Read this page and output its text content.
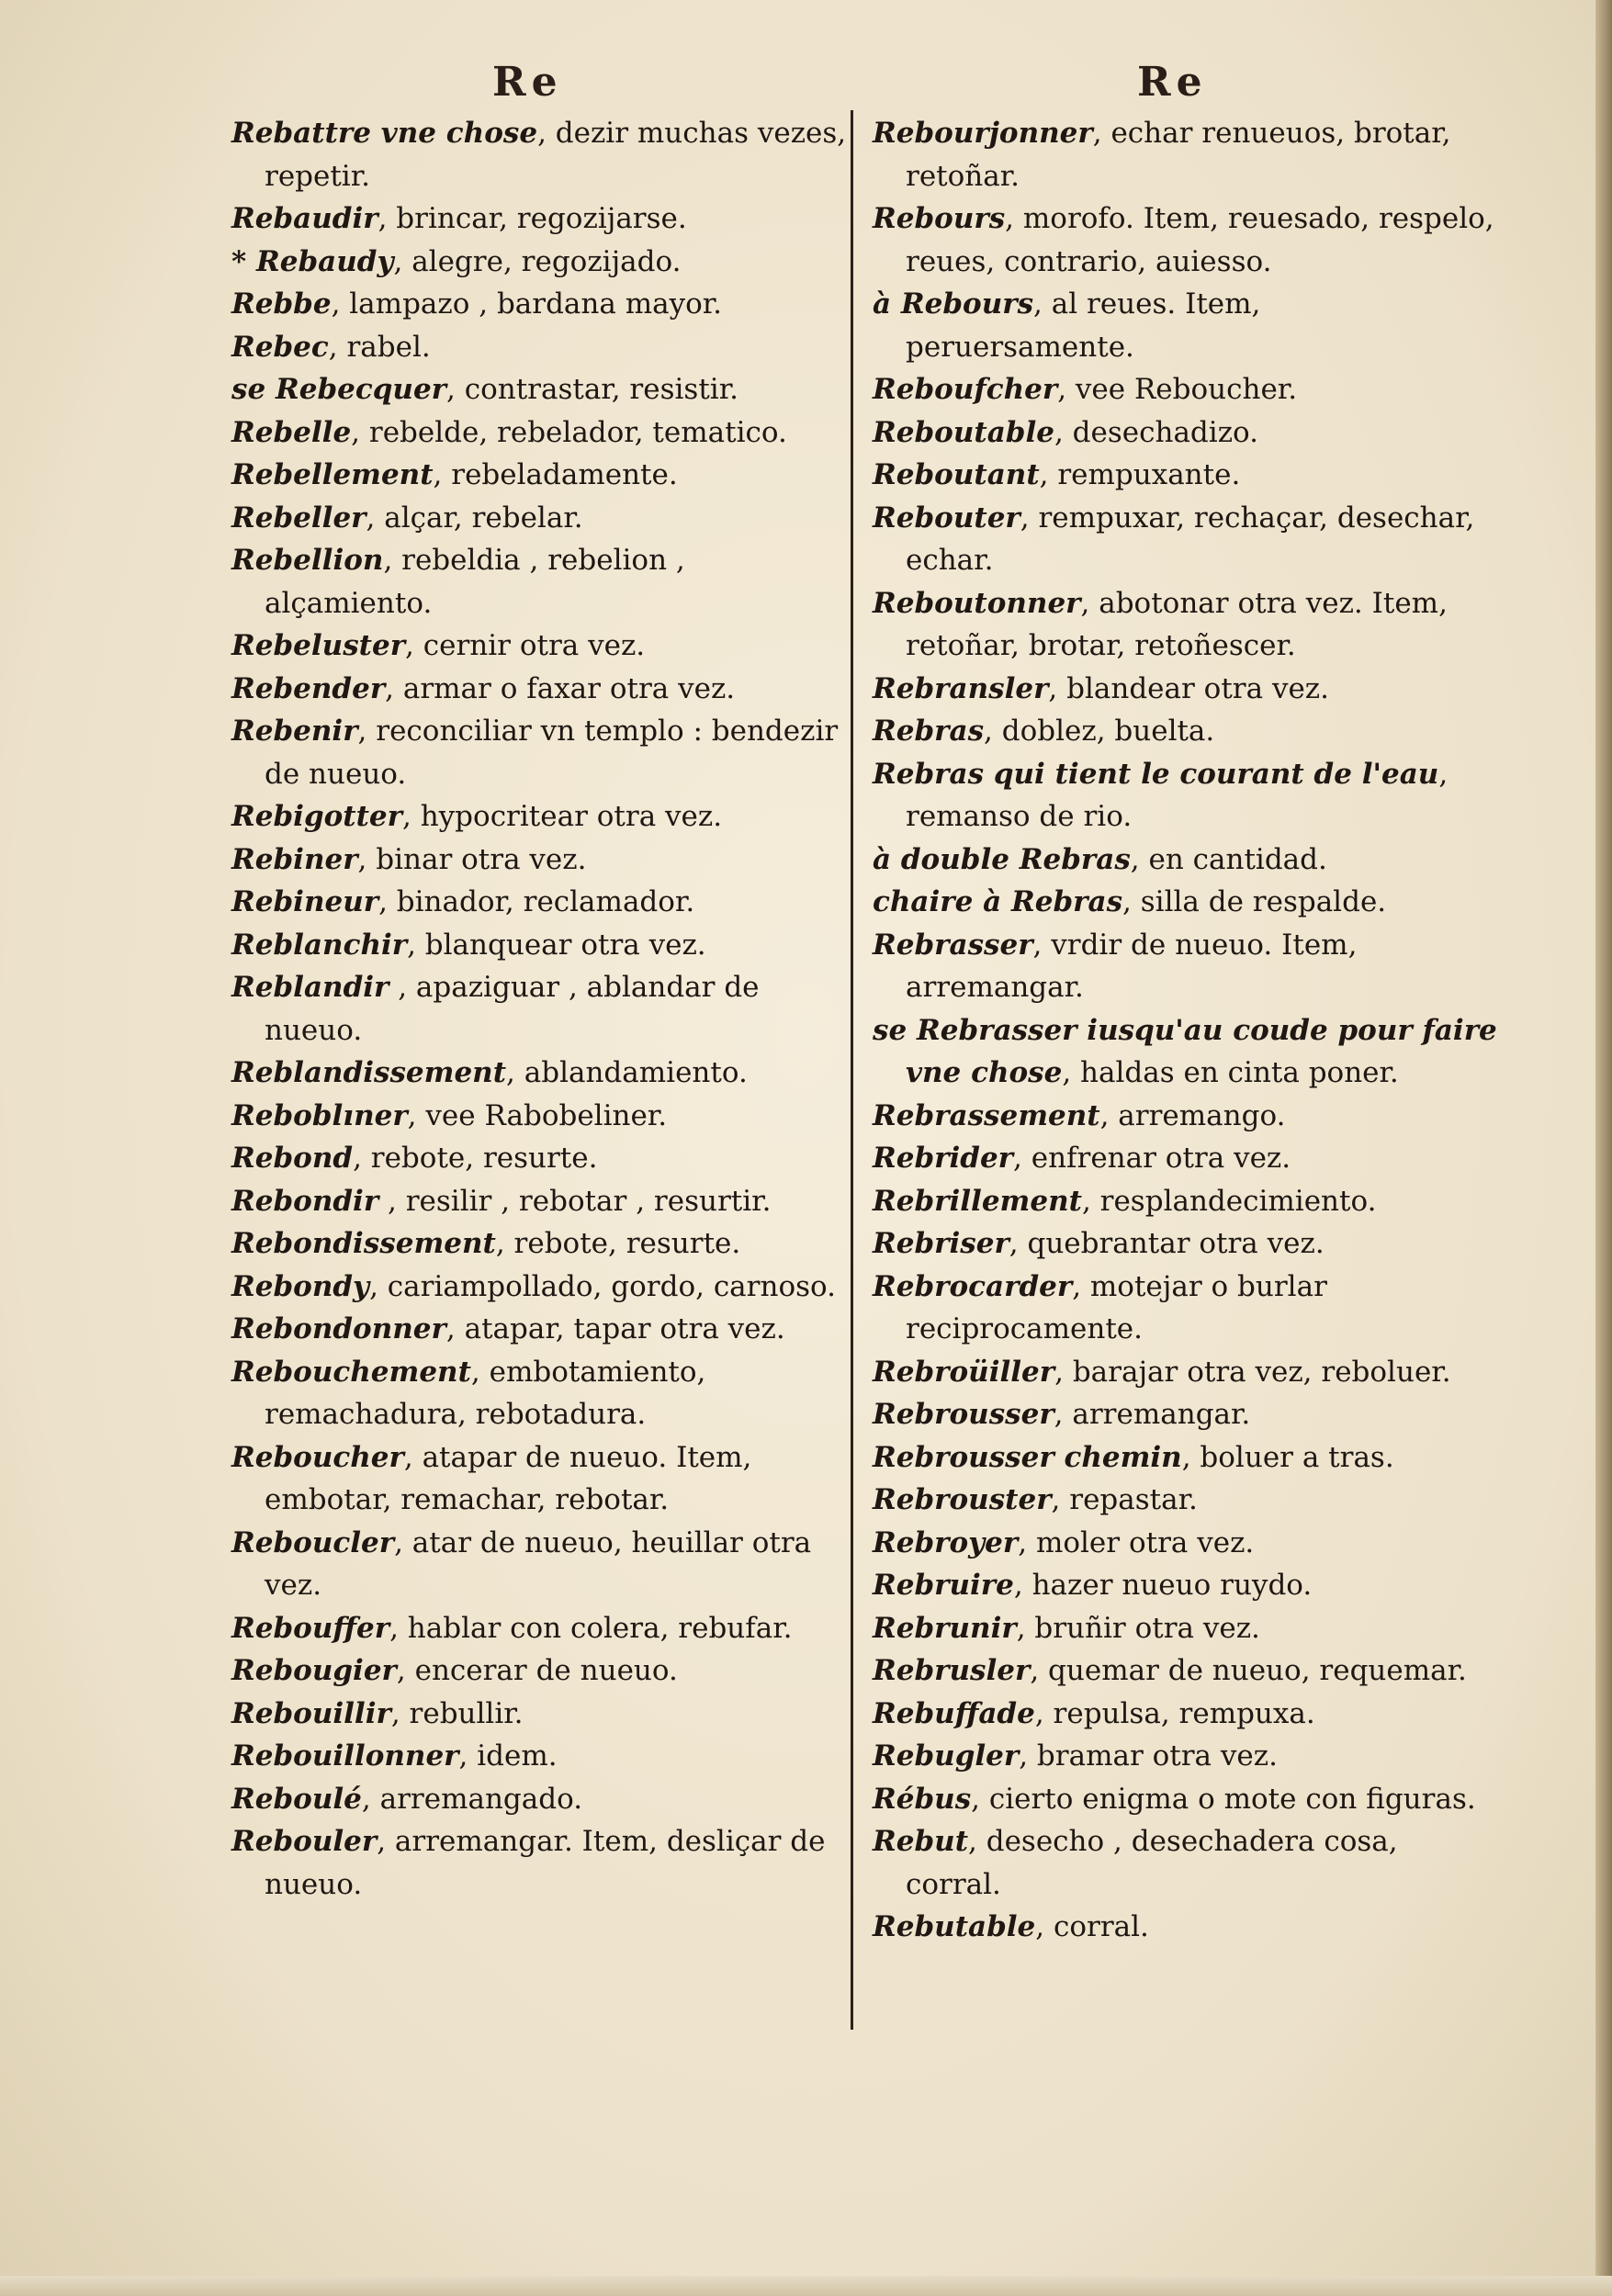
Re	Re

Rebattre vne chose, dezir muchas vezes, repetir.

Rebaudir, brincar, regozijarse.

* Rebaudy, alegre, regozijado.

Rebbe, lampazo , bardana mayor.

Rebec, rabel.

se Rebecquer, contrastar, resistir.

Rebelle, rebelde, rebelador, tematico.

Rebellement, rebeladamente.

Rebeller, alçar, rebelar.

Rebellion, rebeldia , rebelion , alçamiento.

Rebeluster, cernir otra vez.

Rebender, armar o faxar otra vez.

Rebenir, reconciliar vn templo : bendezir de nueuo.

Rebigotter, hypocritear otra vez.

Rebiner, binar otra vez.

Rebineur, binador, reclamador.

Reblanchir, blanquear otra vez.

Reblandir , apaziguar , ablandar de nueuo.

Reblandissement, ablandamiento.

Reboblıner, vee Rabobeliner.

Rebond, rebote, resurte.

Rebondir , resilir , rebotar , resurtir.

Rebondissement, rebote, resurte.

Rebondy, cariampollado, gordo, carnoso.

Rebondonner, atapar, tapar otra vez.

Rebouchement, embotamiento, remachadura, rebotadura.

Reboucher, atapar de nueuo. Item, embotar, remachar, rebotar.

Reboucler, atar de nueuo, heuillar otra vez.

Rebouffer, hablar con colera, rebufar.

Rebougier, encerar de nueuo.

Rebouillir, rebullir.

Rebouillonner, idem.

Reboulé, arremangado.

Rebouler, arremangar. Item, desliçar de nueuo.

Rebourjonner, echar renueuos, brotar, retoñar.

Rebours, morofo. Item, reuesado, respelo, reues, contrario, auiesso.

à Rebours, al reues. Item, peruersamente.

Reboufcher, vee Reboucher.

Reboutable, desechadizo.

Reboutant, rempuxante.

Rebouter, rempuxar, rechaçar, desechar, echar.

Reboutonner, abotonar otra vez. Item, retoñar, brotar, retoñescer.

Rebransler, blandear otra vez.

Rebras, doblez, buelta.

Rebras qui tient le courant de l'eau, remanso de rio.

à double Rebras, en cantidad.

chaire à Rebras, silla de respalde.

Rebrasser, vrdir de nueuo. Item, arremangar.

se Rebrasser iusqu'au coude pour faire vne chose, haldas en cinta poner.

Rebrassement, arremango.

Rebrider, enfrenar otra vez.

Rebrillement, resplandecimiento.

Rebriser, quebrantar otra vez.

Rebrocarder, motejar o burlar reciprocamente.

Rebroüiller, barajar otra vez, reboluer.

Rebrousser, arremangar.

Rebrousser chemin, boluer a tras.

Rebrouster, repastar.

Rebroyer, moler otra vez.

Rebruire, hazer nueuo ruydo.

Rebrunir, bruñir otra vez.

Rebrusler, quemar de nueuo, requemar.

Rebuffade, repulsa, rempuxa.

Rebugler, bramar otra vez.

Rébus, cierto enigma o mote con figuras.

Rebut, desecho , desechadera cosa, corral.

Rebutable, corral.
